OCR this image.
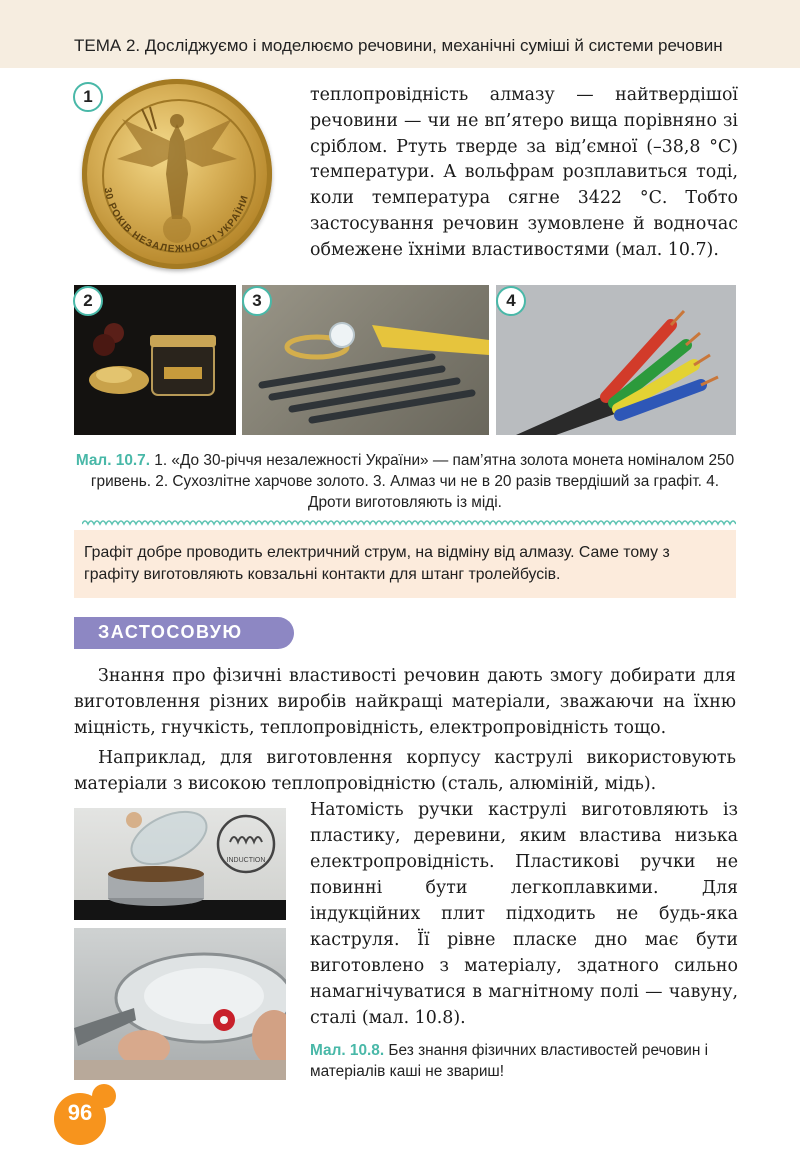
ТЕМА 2. Досліджуємо і моделюємо речовини, механічні суміші й системи речовин
30 РОКІВ НЕЗАЛЕЖНОСТІ УКРАЇНИ
1	теплопровідність алмазу — найтвердішої речовини — чи не вп’ятеро вища порівняно зі сріблом. Ртуть тверде за від’ємної (–38,8 °С) температури. А вольфрам розплавиться тоді, коли температура сягне 3422 °С. Тобто застосування речовин зумовлене й водночас обмежене їхніми властивостями (мал. 10.7).
2	3	4
Мал. 10.7. 1. «До 30-річчя незалежності України» — пам’ятна золота монета номіналом 250 гривень. 2. Сухозлітне харчове золото. 3. Алмаз чи не в 20 разів твердіший за графіт. 4. Дроти виготовляють із міді.
Графіт добре проводить електричний струм, на відміну від алмазу. Саме тому з графіту виготовляють ковзальні контакти для штанг тролейбусів.
ЗАСТОСОВУЮ
Знання про фізичні властивості речовин дають змогу добирати для виготовлення різних виробів найкращі матеріали, зважаючи на їхню міцність, гнучкість, теплопровідність, електропровідність тощо.
Наприклад, для виготовлення корпусу каструлі використовують матеріали з високою теплопровідністю (сталь, алюміній, мідь).
Натомість ручки каструлі виготовляють із пластику, деревини, яким властива низька електропровідність. Пластикові ручки не повинні бути легкоплавкими. Для індукційних плит підходить не будь-яка каструля. Її рівне пласке дно має бути виготовлено з матеріалу, здатного сильно намагнічуватися в магнітному полі — чавуну, сталі (мал. 10.8).
INDUCTION
Мал. 10.8. Без знання фізичних властивостей речовин і матеріалів каші не звариш!
96
